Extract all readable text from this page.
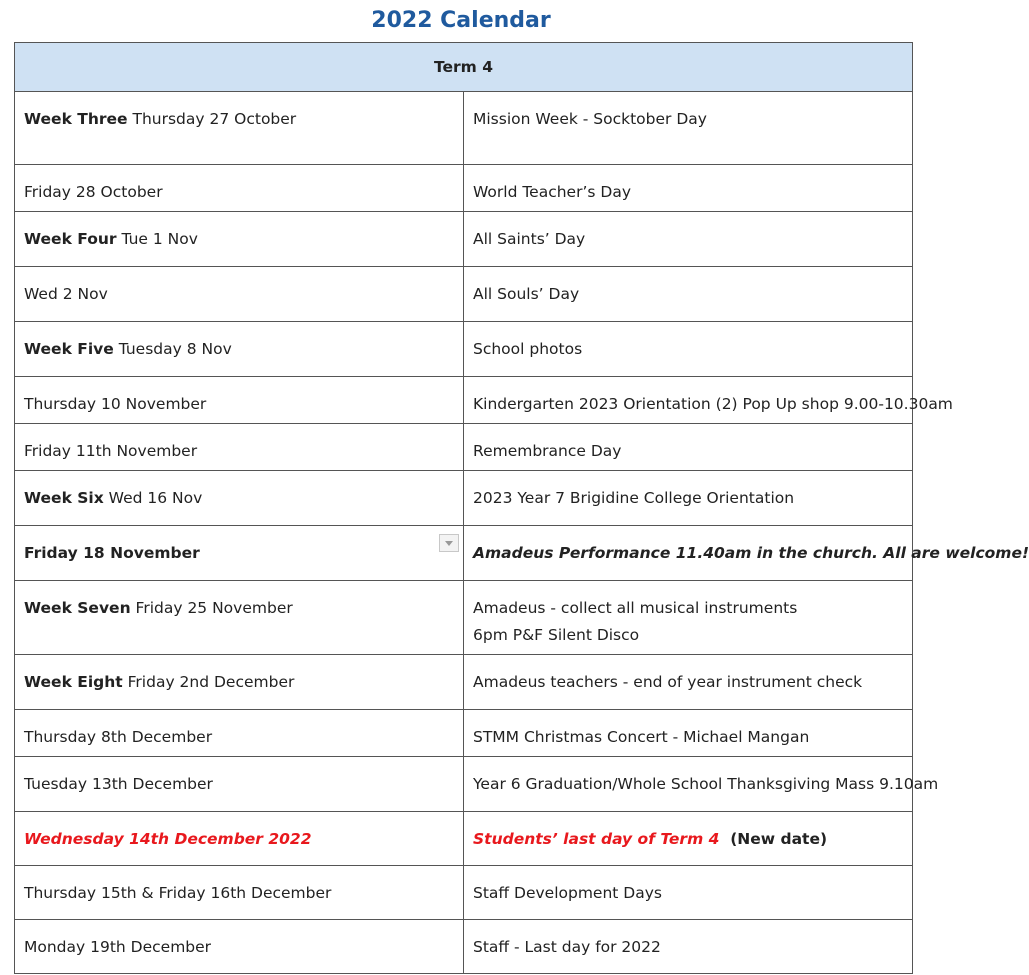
2022 Calendar
Term 4	
Week Three Thursday 27 October	Mission Week - Socktober Day
Friday 28 October	World Teacher’s Day
Week Four Tue 1 Nov	All Saints’ Day
Wed 2 Nov	All Souls’ Day
Week Five Tuesday 8 Nov	School photos
Thursday 10 November	Kindergarten 2023 Orientation (2) Pop Up shop 9.00-10.30am
Friday 11th November	Remembrance Day
Week Six Wed 16 Nov	2023 Year 7 Brigidine College Orientation
Friday 18 November	Amadeus Performance 11.40am in the church. All are welcome!
Week Seven Friday 25 November	Amadeus - collect all musical instruments
6pm P&F Silent Disco
Week Eight Friday 2nd December	Amadeus teachers - end of year instrument check
Thursday 8th December	STMM Christmas Concert - Michael Mangan
Tuesday 13th December	Year 6 Graduation/Whole School Thanksgiving Mass 9.10am
Wednesday 14th December 2022	Students’ last day of Term 4  (New date)
Thursday 15th & Friday 16th December	Staff Development Days
Monday 19th December	Staff - Last day for 2022
